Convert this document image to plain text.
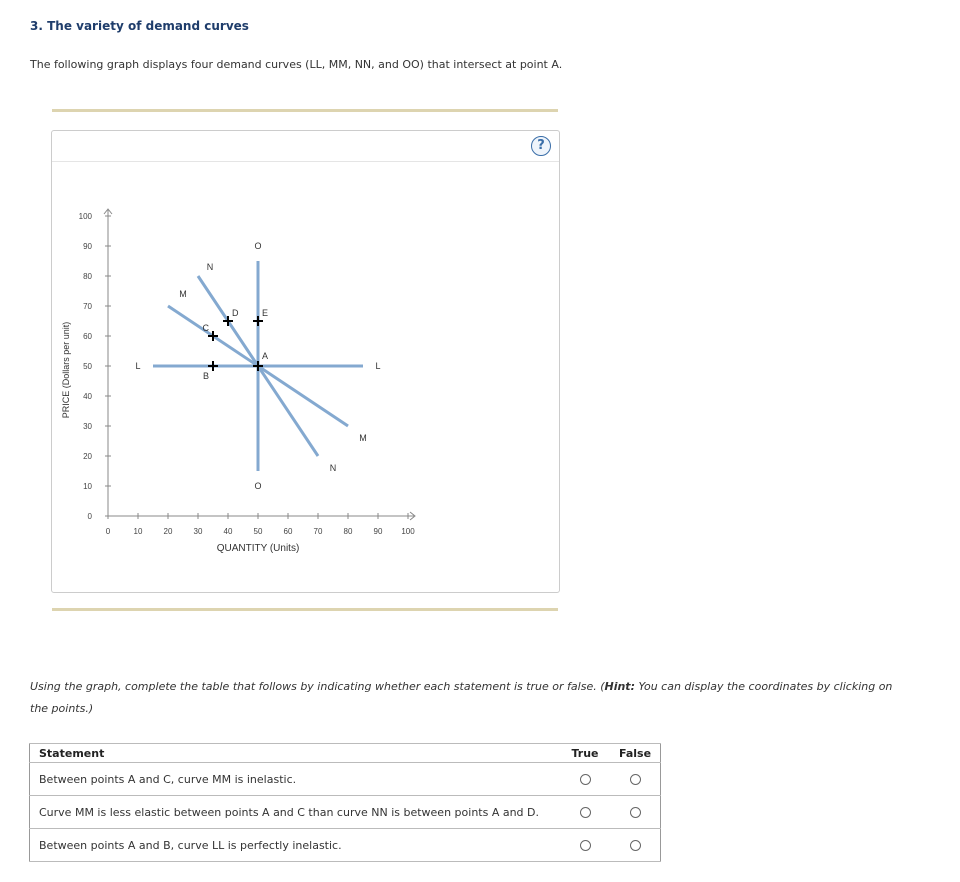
3. The variety of demand curves
The following graph displays four demand curves (LL, MM, NN, and OO) that intersect at point A.
?
0
10
20
30
40
50
60
70
80
90
100
0	10	20	30	40	50	60	70	80	90 100
QUANTITY (Units)
PRICE (Dollars per unit)	L	L
M
M
N
N
O
O
A
B
C
D	E
Using the graph, complete the table that follows by indicating whether each statement is true or false. (Hint: You can display the coordinates by clicking on the points.)
Statement	True	False
Between points A and C, curve MM is inelastic.		
Curve MM is less elastic between points A and C than curve NN is between points A and D.		
Between points A and B, curve LL is perfectly inelastic.		
